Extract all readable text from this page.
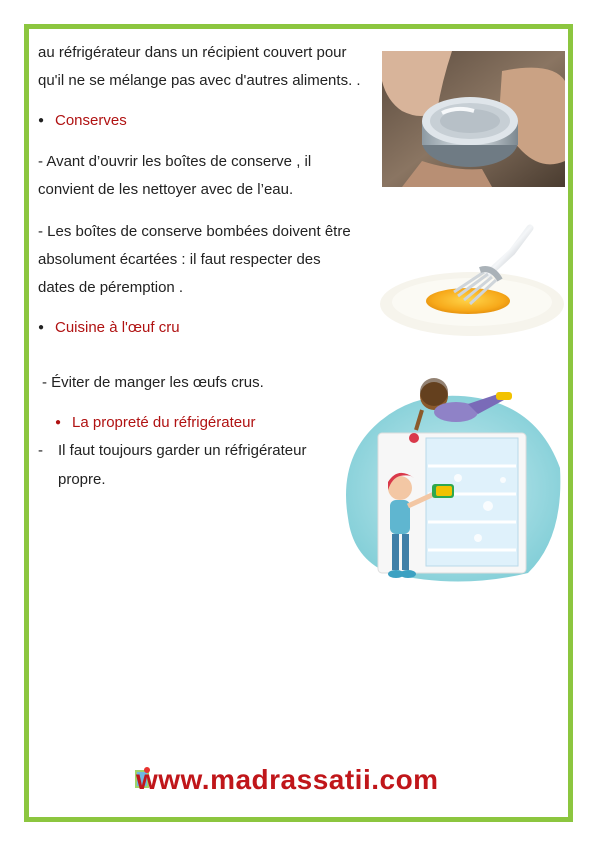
au réfrigérateur dans un récipient couvert pour
qu'il ne se mélange pas avec d'autres aliments. .
● Conserves
- Avant d’ouvrir les boîtes de conserve , il
convient de les nettoyer avec de l’eau.
- Les boîtes de conserve bombées doivent être
absolument écartées : il faut respecter des
dates de péremption .
● Cuisine à l'œuf cru
- Éviter de manger les œufs crus.
● La propreté du réfrigérateur
- Il faut toujours garder un réfrigérateur
propre.
www.madrassatii.com
